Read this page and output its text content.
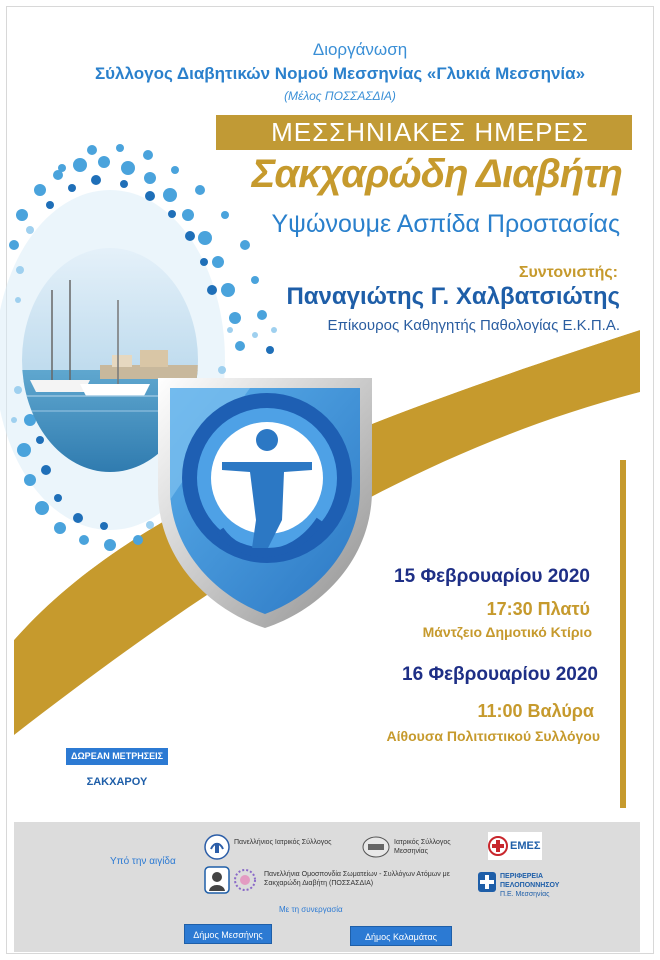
Διοργάνωση
Σύλλογος Διαβητικών Νομού Μεσσηνίας «Γλυκιά Μεσσηνία»
(Μέλος ΠΟΣΣΑΣΔΙΑ)
ΜΕΣΣΗΝΙΑΚΕΣ ΗΜΕΡΕΣ
Σακχαρώδη Διαβήτη
Υψώνουμε Ασπίδα Προστασίας
Συντονιστής:
Παναγιώτης Γ. Χαλβατσιώτης
Επίκουρος Καθηγητής Παθολογίας Ε.Κ.Π.Α.
15 Φεβρουαρίου 2020
17:30 Πλατύ
Μάντζειο Δημοτικό Κτίριο
16 Φεβρουαρίου 2020
11:00 Βαλύρα
Αίθουσα Πολιτιστικού Συλλόγου
ΔΩΡΕΑΝ ΜΕΤΡΗΣΕΙΣ
ΣΑΚΧΑΡΟΥ
Υπό την αιγίδα
Πανελλήνιος Ιατρικός Σύλλογος	Ιατρικός Σύλλογος Μεσσηνίας	ΕΜΕΣ
Πανελλήνια Ομοσπονδία Σωματείων - Συλλόγων Ατόμων με Σακχαρώδη Διαβήτη (ΠΟΣΣΑΣΔΙΑ)
ΠΕΡΙΦΕΡΕΙΑ ΠΕΛΟΠΟΝΝΗΣΟΥ
Π.Ε. Μεσσηνίας
Με τη συνεργασία
Δήμος Μεσσήνης	Δήμος Καλαμάτας
